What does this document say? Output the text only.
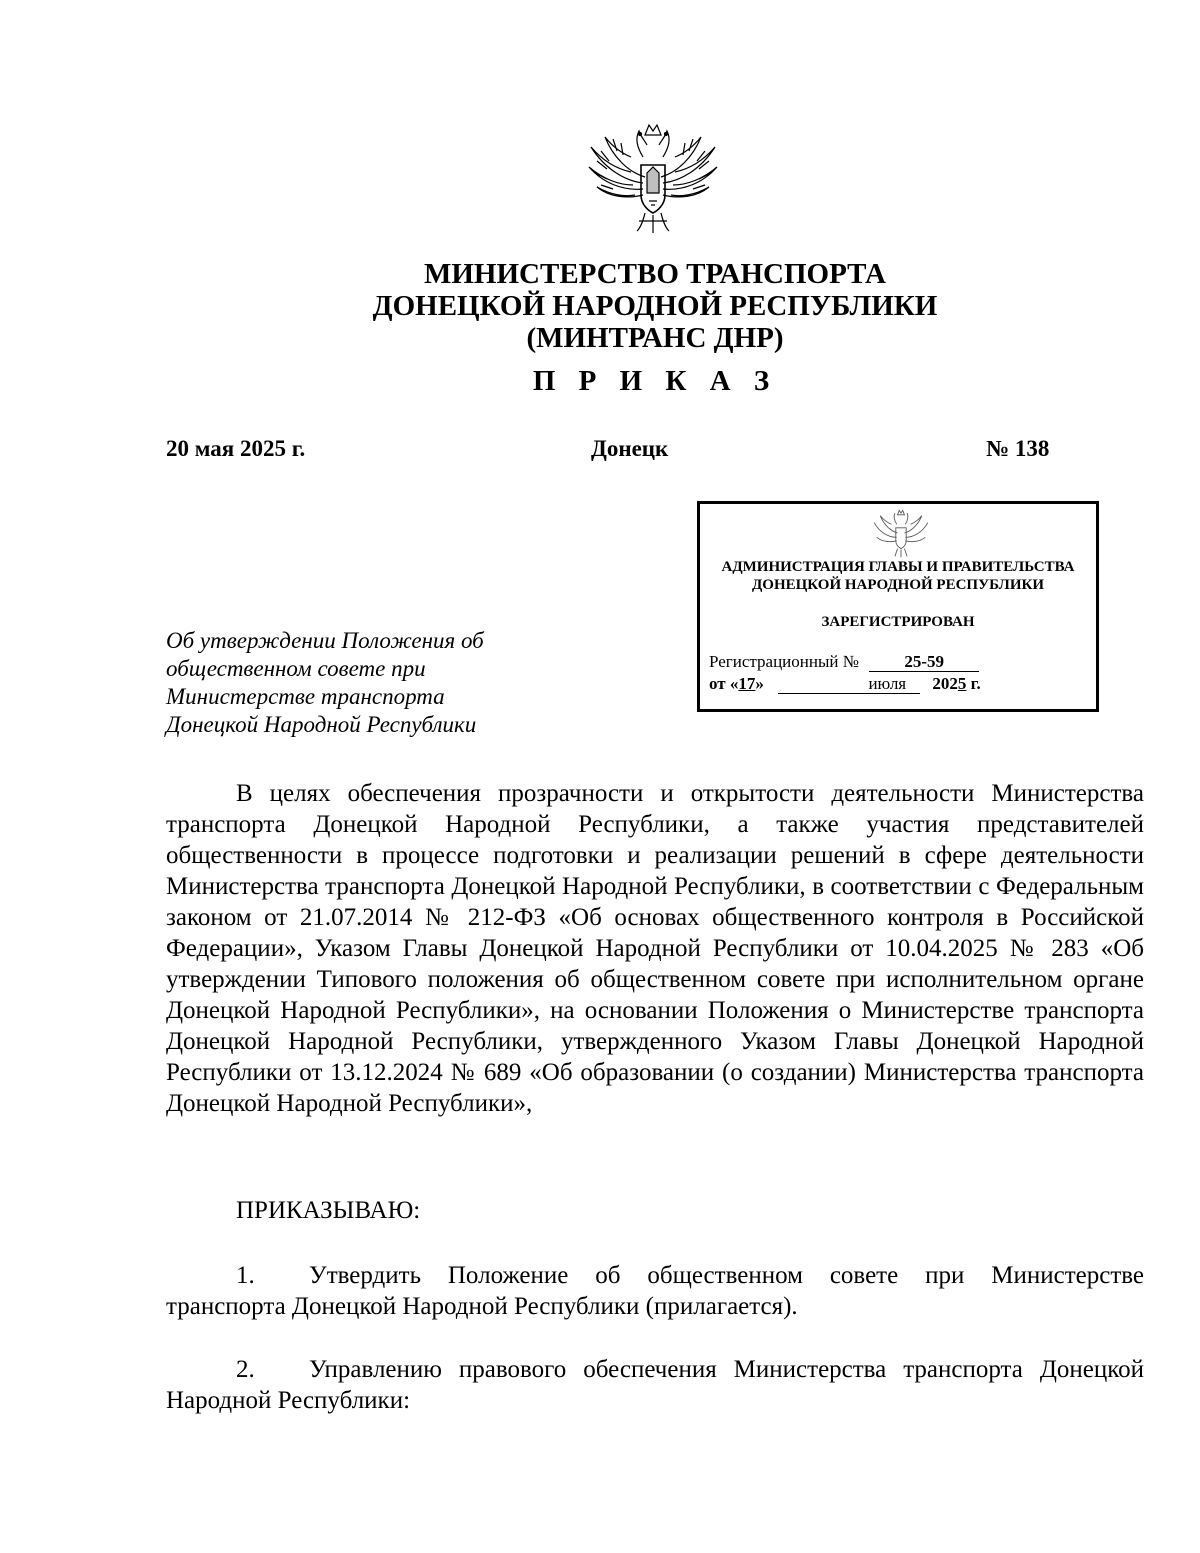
МИНИСТЕРСТВО ТРАНСПОРТА
ДОНЕЦКОЙ НАРОДНОЙ РЕСПУБЛИКИ
(МИНТРАНС ДНР)
П Р И К А З
20 мая 2025 г.	Донецк	№ 138
АДМИНИСТРАЦИЯ ГЛАВЫ И ПРАВИТЕЛЬСТВА
ДОНЕЦКОЙ НАРОДНОЙ РЕСПУБЛИКИ
ЗАРЕГИСТРИРОВАН
Регистрационный №	25-59
от «17»	июля 2025 г.
Об утверждении Положения об
общественном совете при
Министерстве транспорта
Донецкой Народной Республики
В целях обеспечения прозрачности и открытости деятельности Министерства транспорта Донецкой Народной Республики, а также участия представителей общественности в процессе подготовки и реализации решений в сфере деятельности Министерства транспорта Донецкой Народной Республики, в соответствии с Федеральным законом от 21.07.2014 № 212-ФЗ «Об основах общественного контроля в Российской Федерации», Указом Главы Донецкой Народной Республики от 10.04.2025 № 283 «Об утверждении Типового положения об общественном совете при исполнительном органе Донецкой Народной Республики», на основании Положения о Министерстве транспорта Донецкой Народной Республики, утвержденного Указом Главы Донецкой Народной Республики от 13.12.2024 № 689 «Об образовании (о создании) Министерства транспорта Донецкой Народной Республики»,
ПРИКАЗЫВАЮ:
1. Утвердить Положение об общественном совете при Министерстве транспорта Донецкой Народной Республики (прилагается).
2. Управлению правового обеспечения Министерства транспорта Донецкой Народной Республики:
